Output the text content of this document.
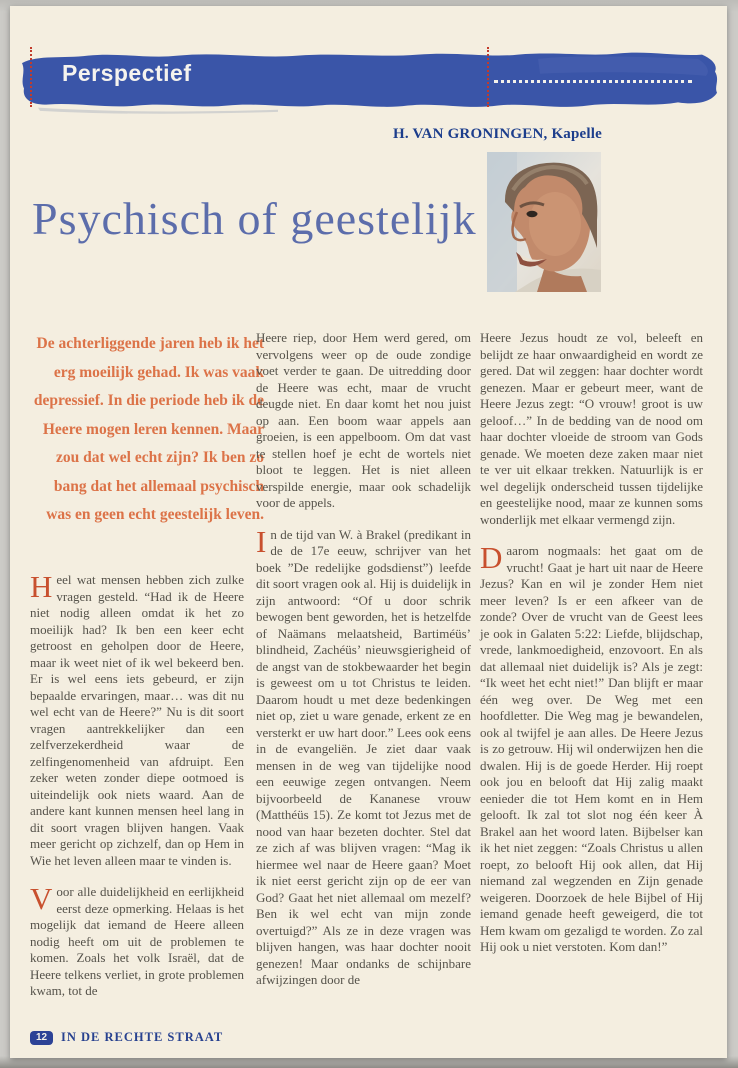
Perspectief
H. VAN GRONINGEN, Kapelle
Psychisch of geestelijk
De achterliggende jaren heb ik het erg moeilijk gehad. Ik was vaak depressief. In die periode heb ik de Heere mogen leren kennen. Maar zou dat wel echt zijn? Ik ben zo bang dat het allemaal psychisch was en geen echt geestelijk leven.

Heel wat mensen hebben zich zulke vragen gesteld. “Had ik de Heere niet nodig alleen omdat ik het zo moeilijk had? Ik ben een keer echt getroost en geholpen door de Heere, maar ik weet niet of ik wel bekeerd ben. Er is wel eens iets gebeurd, er zijn bepaalde ervaringen, maar… was dit nu wel echt van de Heere?” Nu is dit soort vragen aantrekkelijker dan een zelfverzekerdheid waar de zelfingenomenheid van afdruipt. Een zeker weten zonder diepe ootmoed is uiteindelijk ook niets waard. Aan de andere kant kunnen mensen heel lang in dit soort vragen blijven hangen. Vaak meer gericht op zichzelf, dan op Hem in Wie het leven alleen maar te vinden is.

Voor alle duidelijkheid en eerlijkheid eerst deze opmerking. Helaas is het mogelijk dat iemand de Heere alleen nodig heeft om uit de problemen te komen. Zoals het volk Israël, dat de Heere telkens verliet, in grote problemen kwam, tot de

Heere riep, door Hem werd gered, om vervolgens weer op de oude zondige voet verder te gaan. De uitredding door de Heere was echt, maar de vrucht deugde niet. En daar komt het nou juist op aan. Een boom waar appels aan groeien, is een appelboom. Om dat vast te stellen hoef je echt de wortels niet bloot te leggen. Het is niet alleen verspilde energie, maar ook schadelijk voor de appels.

In de tijd van W. à Brakel (predikant in de de 17e eeuw, schrijver van het boek ”De redelijke godsdienst”) leefde dit soort vragen ook al. Hij is duidelijk in zijn antwoord: “Of u door schrik bewogen bent geworden, het is hetzelfde of Naämans melaatsheid, Bartiméüs’ blindheid, Zachéüs’ nieuwsgierigheid of de angst van de stokbewaarder het begin is geweest om u tot Christus te leiden. Daarom houdt u met deze bedenkingen niet op, ziet u ware genade, erkent ze en versterkt er uw hart door.” Lees ook eens in de evangeliën. Je ziet daar vaak mensen in de weg van tijdelijke nood een eeuwige zegen ontvangen. Neem bijvoorbeeld de Kananese vrouw (Matthéüs 15). Ze komt tot Jezus met de nood van haar bezeten dochter. Stel dat ze zich af was blijven vragen: “Mag ik hiermee wel naar de Heere gaan? Moet ik niet eerst gericht zijn op de eer van God? Gaat het niet allemaal om mezelf? Ben ik wel echt van mijn zonde overtuigd?” Als ze in deze vragen was blijven hangen, was haar dochter nooit genezen! Maar ondanks de schijnbare afwijzingen door de

Heere Jezus houdt ze vol, beleeft en belijdt ze haar onwaardigheid en wordt ze gered. Dat wil zeggen: haar dochter wordt genezen. Maar er gebeurt meer, want de Heere Jezus zegt: “O vrouw! groot is uw geloof…” In de bedding van de nood om haar dochter vloeide de stroom van Gods genade. We moeten deze zaken maar niet te ver uit elkaar trekken. Natuurlijk is er wel degelijk onderscheid tussen tijdelijke en geestelijke nood, maar ze kunnen soms wonderlijk met elkaar vermengd zijn.

Daarom nogmaals: het gaat om de vrucht! Gaat je hart uit naar de Heere Jezus? Kan en wil je zonder Hem niet meer leven? Is er een afkeer van de zonde? Over de vrucht van de Geest lees je ook in Galaten 5:22: Liefde, blijdschap, vrede, lankmoedigheid, enzovoort. En als dat allemaal niet duidelijk is? Als je zegt: “Ik weet het echt niet!” Dan blijft er maar één weg over. De Weg met een hoofdletter. Die Weg mag je bewandelen, ook al twijfel je aan alles. De Heere Jezus is zo getrouw. Hij wil onderwijzen hen die dwalen. Hij is de goede Herder. Hij roept ook jou en belooft dat Hij zalig maakt eenieder die tot Hem komt en in Hem gelooft. Ik zal tot slot nog één keer À Brakel aan het woord laten. Bijbelser kan ik het niet zeggen: “Zoals Christus u allen roept, zo belooft Hij ook allen, dat Hij niemand zal wegzenden en Zijn genade weigeren. Doorzoek de hele Bijbel of Hij iemand genade heeft geweigerd, die tot Hem kwam om gezaligd te worden. Zo zal Hij ook u niet verstoten. Kom dan!”

12	IN DE RECHTE STRAAT
